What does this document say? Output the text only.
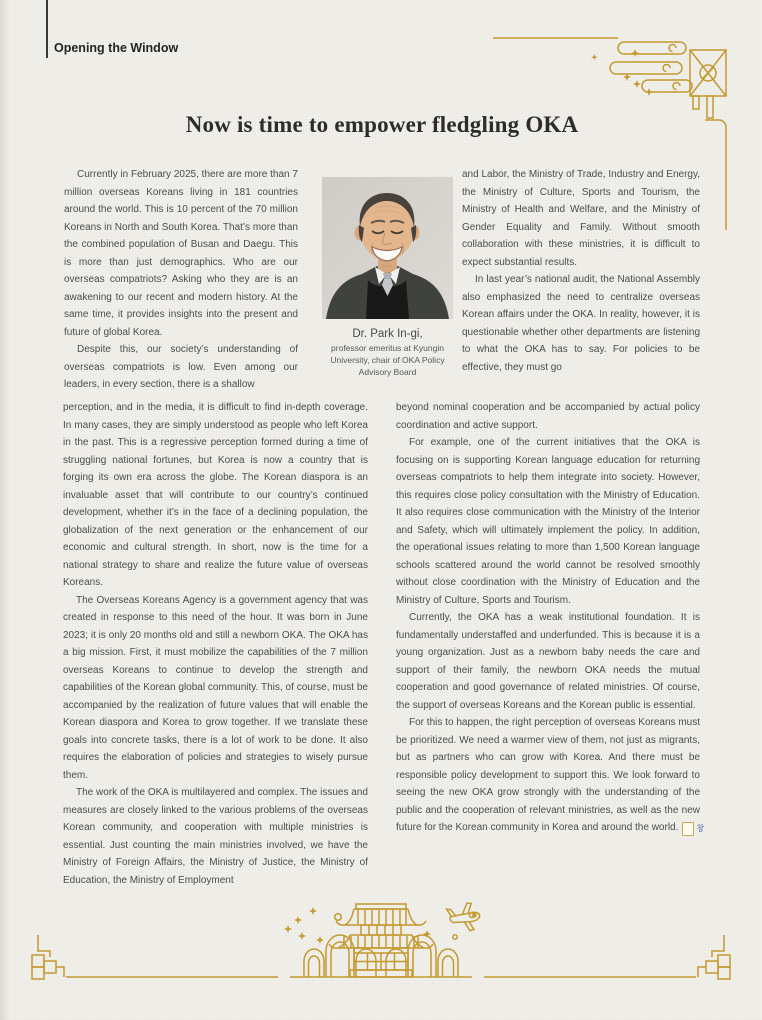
Opening the Window
Now is time to empower fledgling OKA

Currently in February 2025, there are more than 7 million overseas Koreans living in 181 countries around the world. This is 10 percent of the 70 million Koreans in North and South Korea. That’s more than the combined population of Busan and Daegu. This is more than just demographics. Who are our overseas compatriots? Asking who they are is an awakening to our recent and modern history. At the same time, it provides insights into the present and future of global Korea.

Despite this, our society’s understanding of overseas compatriots is low. Even among our leaders, in every section, there is a shallow

Dr. Park In-gi,
professor emeritus at Kyungin
University, chair of OKA Policy
Advisory Board

and Labor, the Ministry of Trade, Industry and Energy, the Ministry of Culture, Sports and Tourism, the Ministry of Health and Welfare, and the Ministry of Gender Equality and Family. Without smooth collaboration with these ministries, it is difficult to expect substantial results.

In last year’s national audit, the National Assembly also emphasized the need to centralize overseas Korean affairs under the OKA. In reality, however, it is questionable whether other departments are listening to what the OKA has to say. For policies to be effective, they must go

perception, and in the media, it is difficult to find in-depth coverage. In many cases, they are simply understood as people who left Korea in the past. This is a regressive perception formed during a time of struggling national fortunes, but Korea is now a country that is forging its own era across the globe. The Korean diaspora is an invaluable asset that will contribute to our country’s continued development, whether it’s in the face of a declining population, the globalization of the next generation or the enhancement of our economic and cultural strength. In short, now is the time for a national strategy to share and realize the future value of overseas Koreans.

The Overseas Koreans Agency is a government agency that was created in response to this need of the hour. It was born in June 2023; it is only 20 months old and still a newborn OKA. The OKA has a big mission. First, it must mobilize the capabilities of the 7 million overseas Koreans to continue to develop the strength and capabilities of the Korean global community. This, of course, must be accompanied by the realization of future values that will enable the Korean diaspora and Korea to grow together. If we translate these goals into concrete tasks, there is a lot of work to be done. It also requires the elaboration of policies and strategies to wisely pursue them.

The work of the OKA is multilayered and complex. The issues and measures are closely linked to the various problems of the overseas Korean community, and cooperation with multiple ministries is essential. Just counting the main ministries involved, we have the Ministry of Foreign Affairs, the Ministry of Justice, the Ministry of Education, the Ministry of Employment

beyond nominal cooperation and be accompanied by actual policy coordination and active support.

For example, one of the current initiatives that the OKA is focusing on is supporting Korean language education for returning overseas compatriots to help them integrate into society. However, this requires close policy consultation with the Ministry of Education. It also requires close communication with the Ministry of the Interior and Safety, which will ultimately implement the policy. In addition, the operational issues relating to more than 1,500 Korean language schools scattered around the world cannot be resolved smoothly without close coordination with the Ministry of Education and the Ministry of Culture, Sports and Tourism.

Currently, the OKA has a weak institutional foundation. It is fundamentally understaffed and underfunded. This is because it is a young organization. Just as a newborn baby needs the care and support of their family, the newborn OKA needs the mutual cooperation and good governance of related ministries. Of course, the support of overseas Koreans and the Korean public is essential.

For this to happen, the right perception of overseas Koreans must be prioritized. We need a warmer view of them, not just as migrants, but as partners who can grow with Korea. And there must be responsible policy development to support this. We look forward to seeing the new OKA grow strongly with the understanding of the public and the cooperation of relevant ministries, as well as the new future for the Korean community in Korea and around the world. 창
